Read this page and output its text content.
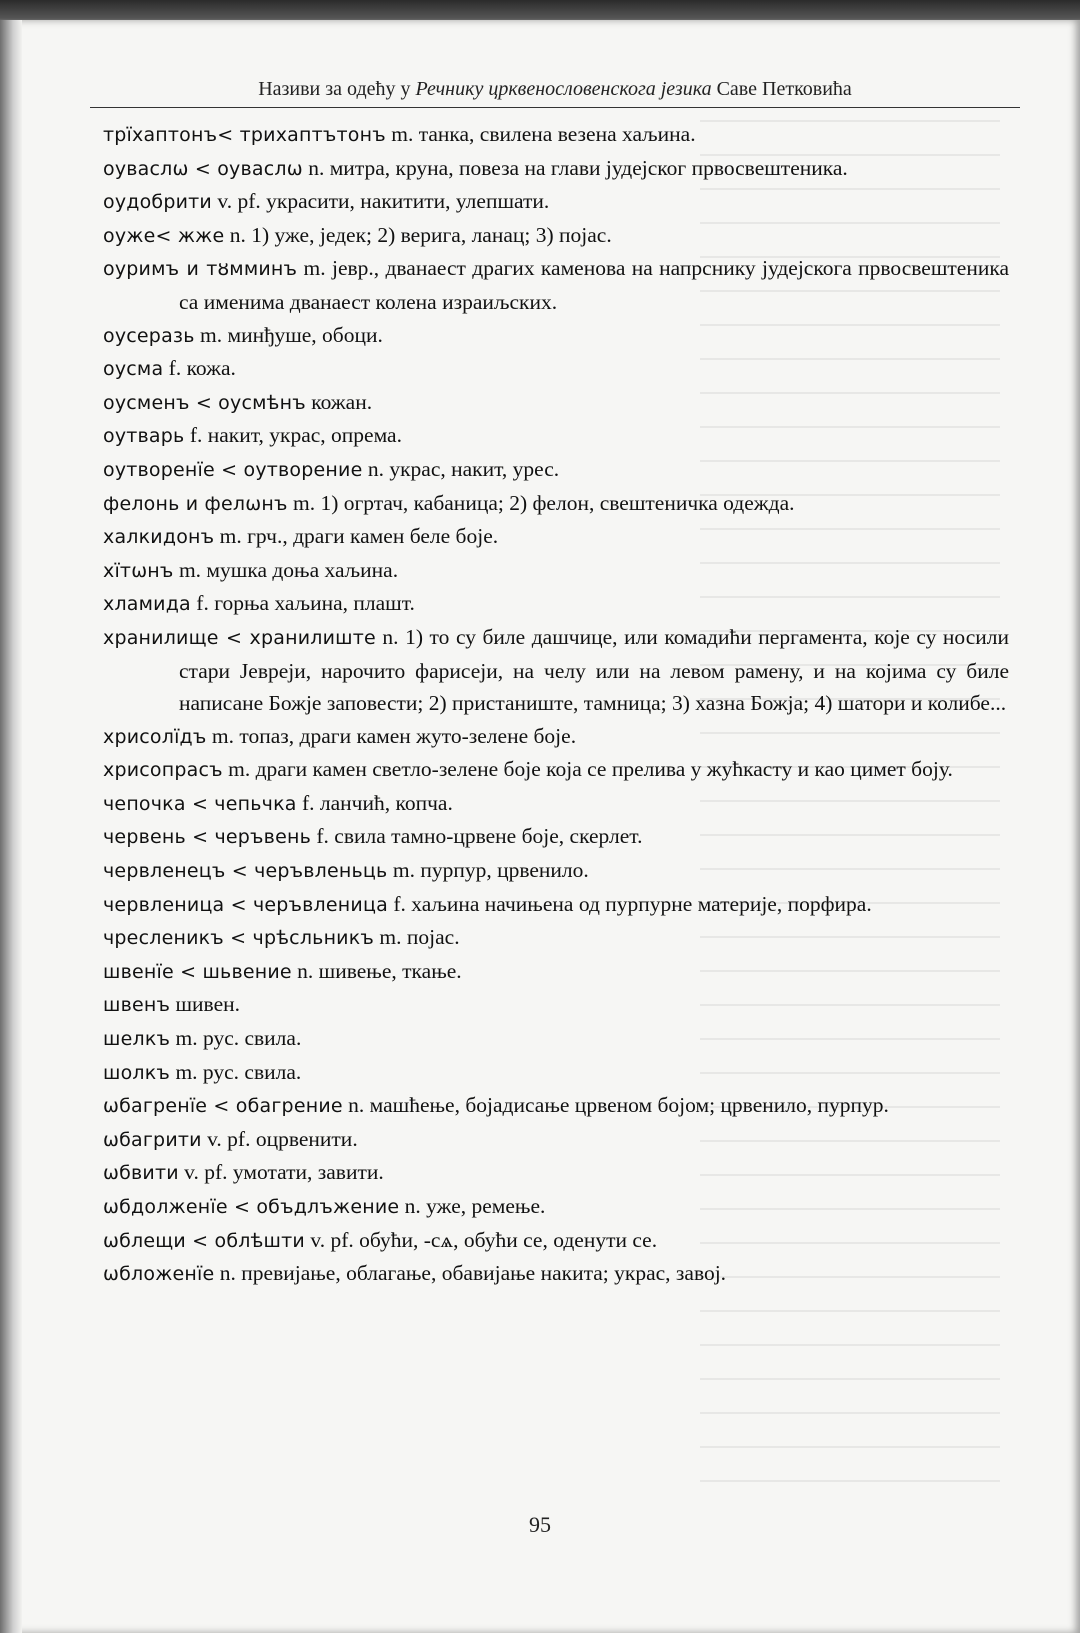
Називи за одећу у Речнику црквенословенскога језика Саве Петковића

трїхаптонъ< трихаптътонъ m. танка, свилена везена хаљина.

оуваслѡ < оуваслѡ n. митра, круна, повеза на глави јудејског првосвештеника.

оудобрити v. pf. украсити, накитити, улепшати.

оуже< жже n. 1) уже, једек; 2) верига, ланац; 3) појас.

оуримъ и тȣмминъ m. јевр., дванаест драгих каменова на напрснику јудејскога првосвештеника са именима дванаест колена израиљских.

оусеразь m. минђуше, обоци.

оусма f. кожа.

оусменъ < оусмѣнъ кожан.

оутварь f. накит, украс, опрема.

оутворенїе < оутворение n. украс, накит, урес.

фелонь и фелѡнъ m. 1) огртач, кабаница; 2) фелон, свештеничка одежда.

халкидонъ m. грч., драги камен беле боје.

хїтѡнъ m. мушка доња хаљина.

хламида f. горња хаљина, плашт.

хранилище < хранилиште n. 1) то су биле дашчице, или комадићи пергамента, које су носили стари Јевреји, нарочито фарисеји, на челу или на левом рамену, и на којима су биле написане Божје заповести; 2) пристаниште, тамница; 3) хазна Божја; 4) шатори и колибе...

хрисолїдъ m. топаз, драги камен жуто-зелене боје.

хрисопрасъ m. драги камен светло-зелене боје која се прелива у жућкасту и као цимет боју.

чепочка < чепьчка f. ланчић, копча.

червень < черъвень f. свила тамно-црвене боје, скерлет.

червленецъ < черъвленьць m. пурпур, црвенило.

червленица < черъвленица f. хаљина начињена од пурпурне материје, порфира.

чресленикъ < чрѣсльникъ m. појас.

швенїе < шьвение n. шивење, ткање.

швенъ шивен.

шелкъ m. рус. свила.

шолкъ m. рус. свила.

ѡбагренїе < обагрение n. машћење, бојадисање црвеном бојом; црвенило, пурпур.

ѡбагрити v. pf. оцрвенити.

ѡбвити v. pf. умотати, завити.

ѡбдолженїе < объдлъжение n. уже, ремење.

ѡблещи < облѣшти v. pf. обући, -сѧ, обући се, оденути се.

ѡбложенїе n. превијање, облагање, обавијање накита; украс, завој.

95
